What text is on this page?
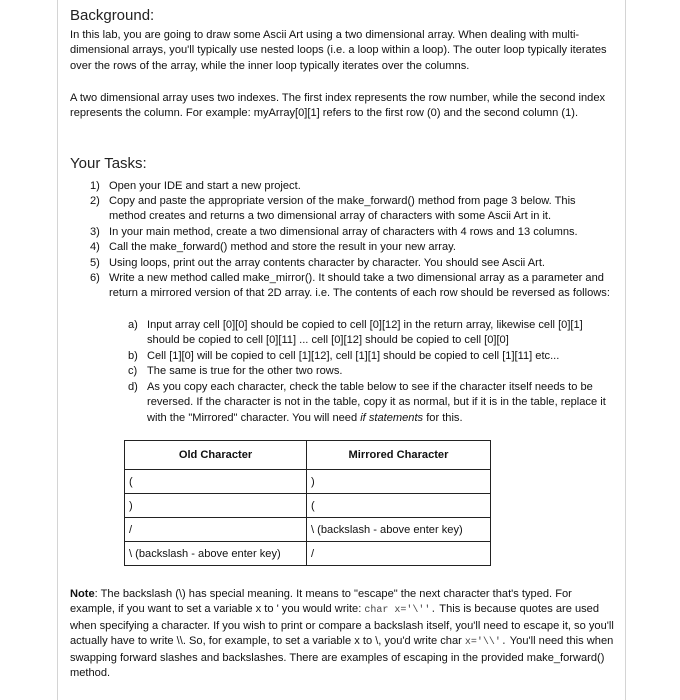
Background:
In this lab, you are going to draw some Ascii Art using a two dimensional array. When dealing with multi-dimensional arrays, you'll typically use nested loops (i.e. a loop within a loop). The outer loop typically iterates over the rows of the array, while the inner loop typically iterates over the columns.
A two dimensional array uses two indexes. The first index represents the row number, while the second index represents the column. For example: myArray[0][1] refers to the first row (0) and the second column (1).
Your Tasks:
1) Open your IDE and start a new project.
2) Copy and paste the appropriate version of the make_forward() method from page 3 below. This method creates and returns a two dimensional array of characters with some Ascii Art in it.
3) In your main method, create a two dimensional array of characters with 4 rows and 13 columns.
4) Call the make_forward() method and store the result in your new array.
5) Using loops, print out the array contents character by character. You should see Ascii Art.
6) Write a new method called make_mirror(). It should take a two dimensional array as a parameter and return a mirrored version of that 2D array. i.e. The contents of each row should be reversed as follows:
a) Input array cell [0][0] should be copied to cell [0][12] in the return array, likewise cell [0][1] should be copied to cell [0][11] ... cell [0][12] should be copied to cell [0][0]
b) Cell [1][0] will be copied to cell [1][12], cell [1][1] should be copied to cell [1][11] etc...
c) The same is true for the other two rows.
d) As you copy each character, check the table below to see if the character itself needs to be reversed. If the character is not in the table, copy it as normal, but if it is in the table, replace it with the "Mirrored" character. You will need if statements for this.
Old Character	Mirrored Character
(	)
)	(
/	\ (backslash - above enter key)
\ (backslash - above enter key)	/
Note: The backslash (\) has special meaning. It means to "escape" the next character that's typed. For example, if you want to set a variable x to ' you would write: char x='\''. This is because quotes are used when specifying a character. If you wish to print or compare a backslash itself, you'll need to escape it, so you'll actually have to write \\. So, for example, to set a variable x to \, you'd write char x='\\'. You'll need this when swapping forward slashes and backslashes. There are examples of escaping in the provided make_forward() method.
